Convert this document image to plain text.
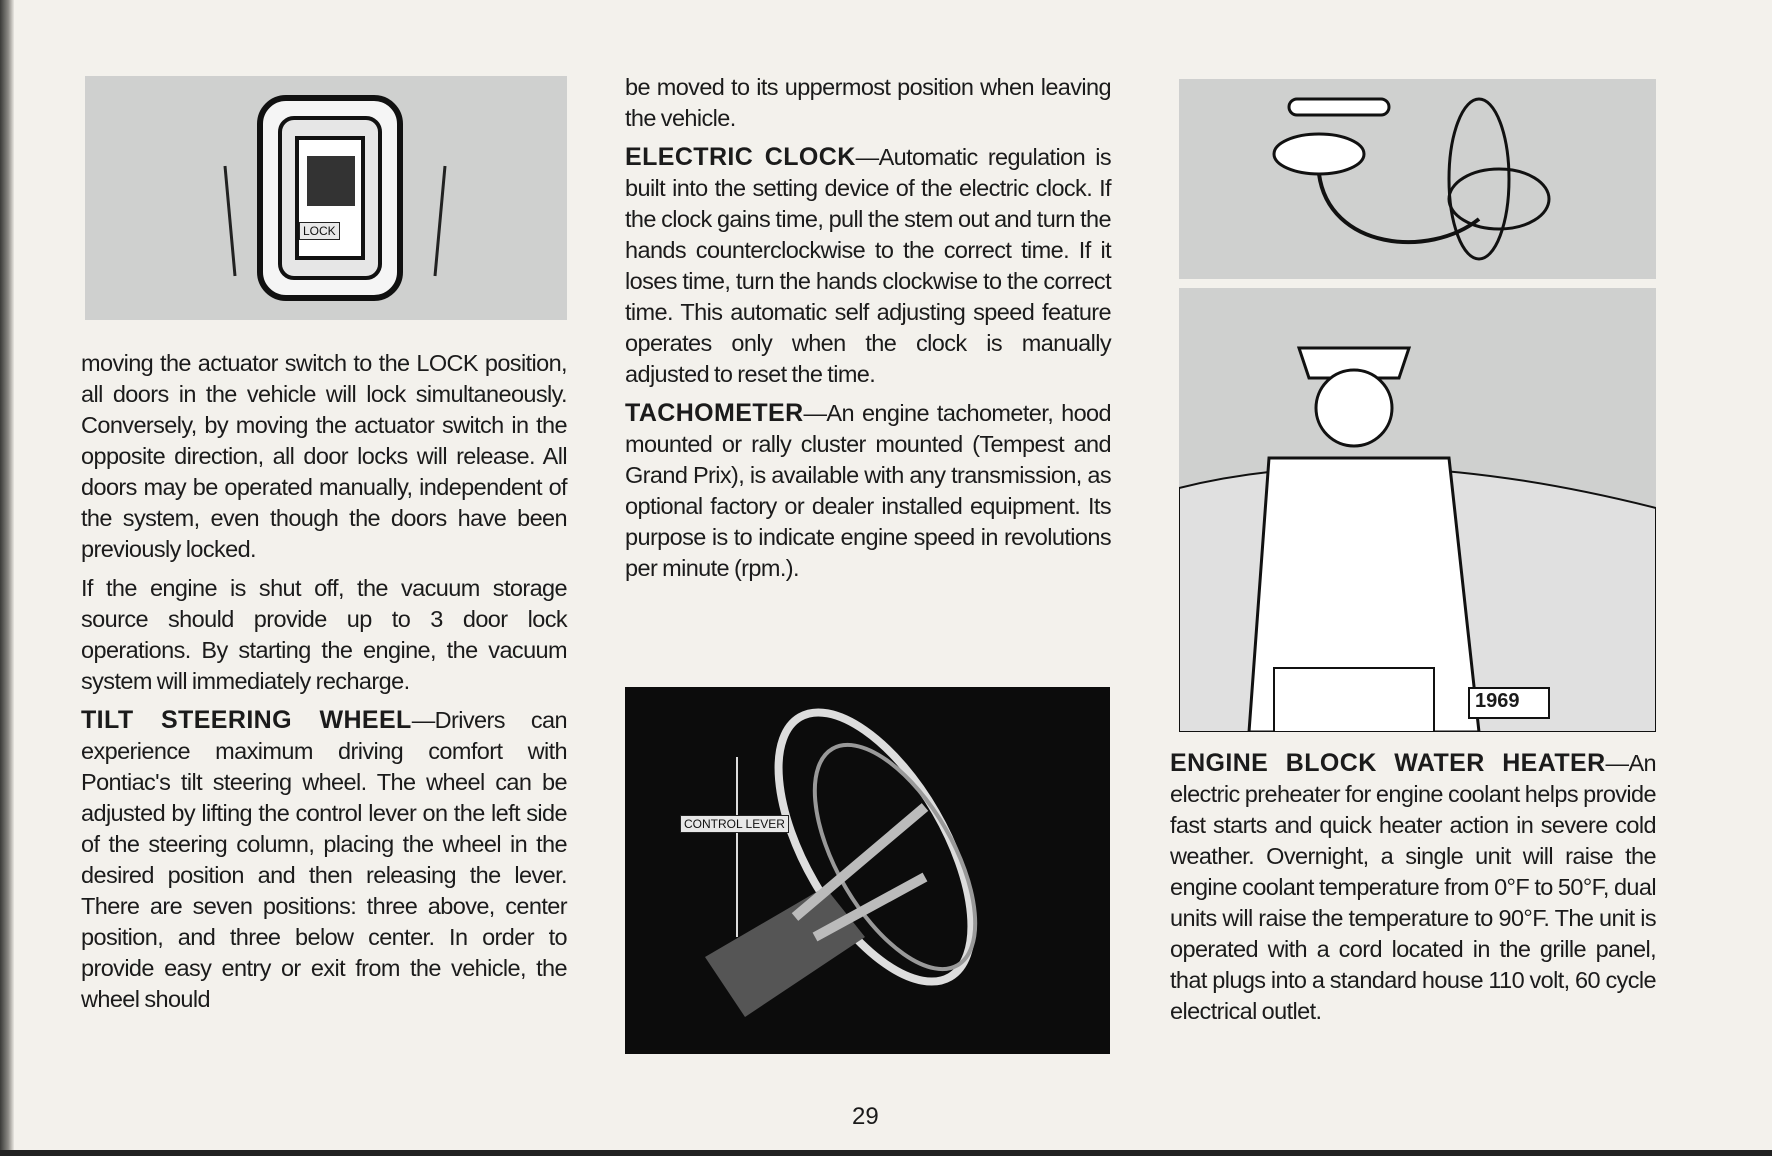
LOCK

moving the actuator switch to the LOCK position, all doors in the vehicle will lock simultaneously. Conversely, by moving the actuator switch in the opposite direction, all door locks will release. All doors may be operated manually, independent of the system, even though the doors have been previously locked.

If the engine is shut off, the vacuum storage source should provide up to 3 door lock operations. By starting the engine, the vacuum system will immediately recharge.

TILT STEERING WHEEL—Drivers can experience maximum driving comfort with Pontiac's tilt steering wheel. The wheel can be adjusted by lifting the control lever on the left side of the steering column, placing the wheel in the desired position and then releasing the lever. There are seven positions: three above, center position, and three below center. In order to provide easy entry or exit from the vehicle, the wheel should

be moved to its uppermost position when leaving the vehicle.

ELECTRIC CLOCK—Automatic regulation is built into the setting device of the electric clock. If the clock gains time, pull the stem out and turn the hands counterclockwise to the correct time. If it loses time, turn the hands clockwise to the correct time. This automatic self adjusting speed feature operates only when the clock is manually adjusted to reset the time.

TACHOMETER—An engine tachometer, hood mounted or rally cluster mounted (Tempest and Grand Prix), is available with any transmission, as optional factory or dealer installed equipment. Its purpose is to indicate engine speed in revolutions per minute (rpm.).

CONTROL LEVER
1969

ENGINE BLOCK WATER HEATER—An electric preheater for engine coolant helps provide fast starts and quick heater action in severe cold weather. Overnight, a single unit will raise the engine coolant temperature from 0°F to 50°F, dual units will raise the temperature to 90°F. The unit is operated with a cord located in the grille panel, that plugs into a standard house 110 volt, 60 cycle electrical outlet.

29
